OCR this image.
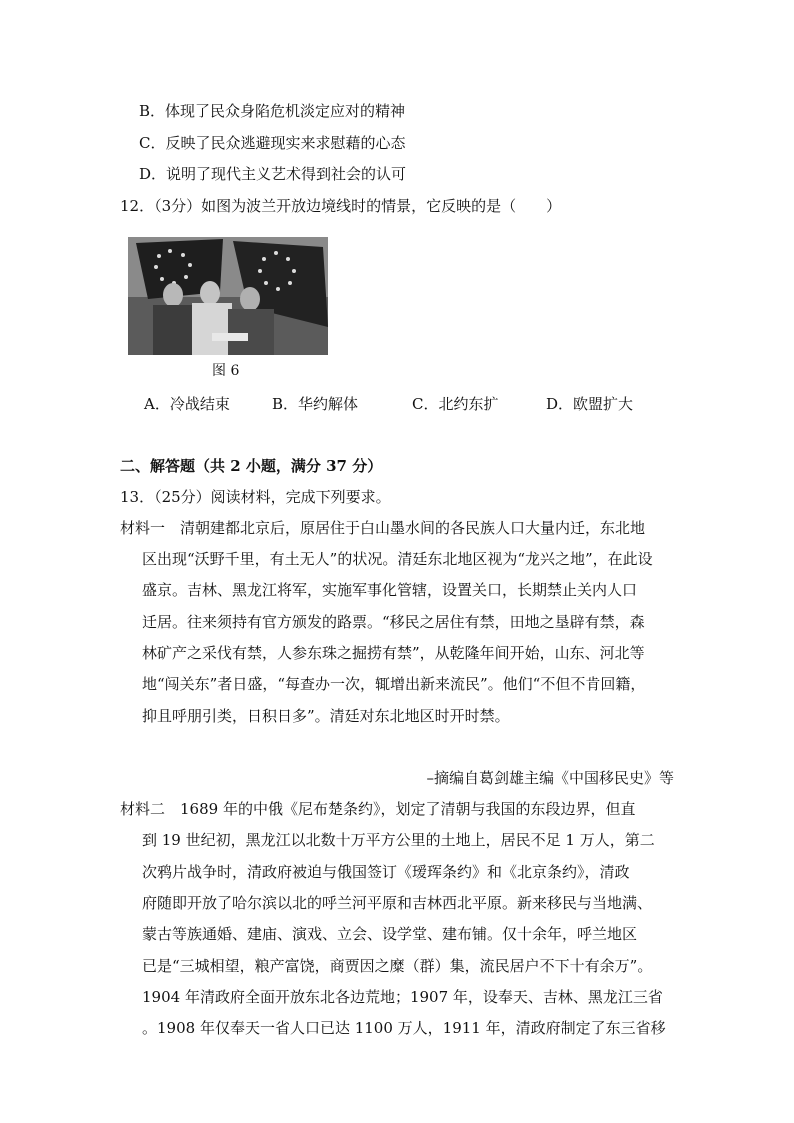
B．体现了民众身陷危机淡定应对的精神
C．反映了民众逃避现实来求慰藉的心态
D．说明了现代主义艺术得到社会的认可
12．（3分）如图为波兰开放边境线时的情景，它反映的是（　　）
图 6
A．冷战结束	B．华约解体	C．北约东扩	D．欧盟扩大
二、解答题（共 2 小题，满分 37 分）
13．（25分）阅读材料，完成下列要求。
材料一　清朝建都北京后，原居住于白山墨水间的各民族人口大量内迁，东北地
区出现“沃野千里，有土无人”的状况。清廷东北地区视为“龙兴之地”，在此设
盛京。吉林、黑龙江将军，实施军事化管辖，设置关口，长期禁止关内人口
迁居。往来须持有官方颁发的路票。“移民之居住有禁，田地之垦辟有禁，森
林矿产之采伐有禁，人参东珠之掘捞有禁”，从乾隆年间开始，山东、河北等
地“闯关东”者日盛，“每查办一次，辄增出新来流民”。他们“不但不肯回籍，
抑且呼朋引类，日积日多”。清廷对东北地区时开时禁。
–摘编自葛剑雄主编《中国移民史》等
材料二　1689 年的中俄《尼布楚条约》，划定了清朝与我国的东段边界，但直
到 19 世纪初，黑龙江以北数十万平方公里的土地上，居民不足 1 万人，第二
次鸦片战争时，清政府被迫与俄国签订《瑷珲条约》和《北京条约》，清政
府随即开放了哈尔滨以北的呼兰河平原和吉林西北平原。新来移民与当地满、
蒙古等族通婚、建庙、演戏、立会、设学堂、建布铺。仅十余年，呼兰地区
已是“三城相望，粮产富饶，商贾因之糜（群）集，流民居户不下十有余万”。
1904 年清政府全面开放东北各边荒地；1907 年，设奉天、吉林、黑龙江三省
。1908 年仅奉天一省人口已达 1100 万人，1911 年，清政府制定了东三省移
